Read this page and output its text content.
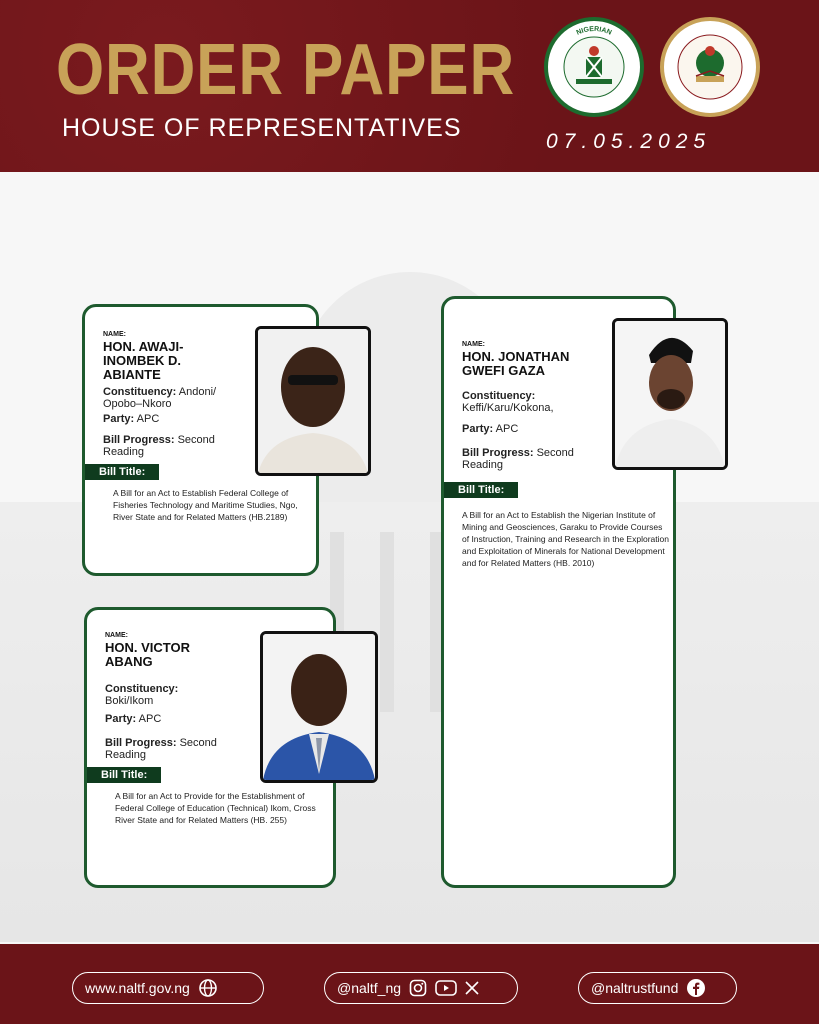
ORDER PAPER
HOUSE OF REPRESENTATIVES	07.05.2025
NIGERIAN
NAME:
HON. AWAJI-INOMBEK D. ABIANTE
Constituency: Andoni/ Opobo–Nkoro
Party: APC
Bill Progress: Second Reading
Bill Title:
A Bill for an Act to Establish Federal College of Fisheries Technology and Maritime Studies, Ngo, River State and for Related Matters (HB.2189)
NAME:
HON. VICTOR ABANG
Constituency: Boki/Ikom
Party: APC
Bill Progress: Second Reading
Bill Title:
A Bill for an Act to Provide for the Establishment of Federal College of Education (Technical) Ikom, Cross River State and for Related Matters (HB. 255)
NAME:
HON. JONATHAN GWEFI GAZA
Constituency: Keffi/Karu/Kokona,
Party: APC
Bill Progress: Second Reading
Bill Title:
A Bill for an Act to Establish the Nigerian Institute of Mining and Geosciences, Garaku to Provide Courses of Instruction, Training and Research in the Exploration and Exploitation of Minerals for National Development and for Related Matters (HB. 2010)
www.naltf.gov.ng	@naltf_ng	@naltrustfund
